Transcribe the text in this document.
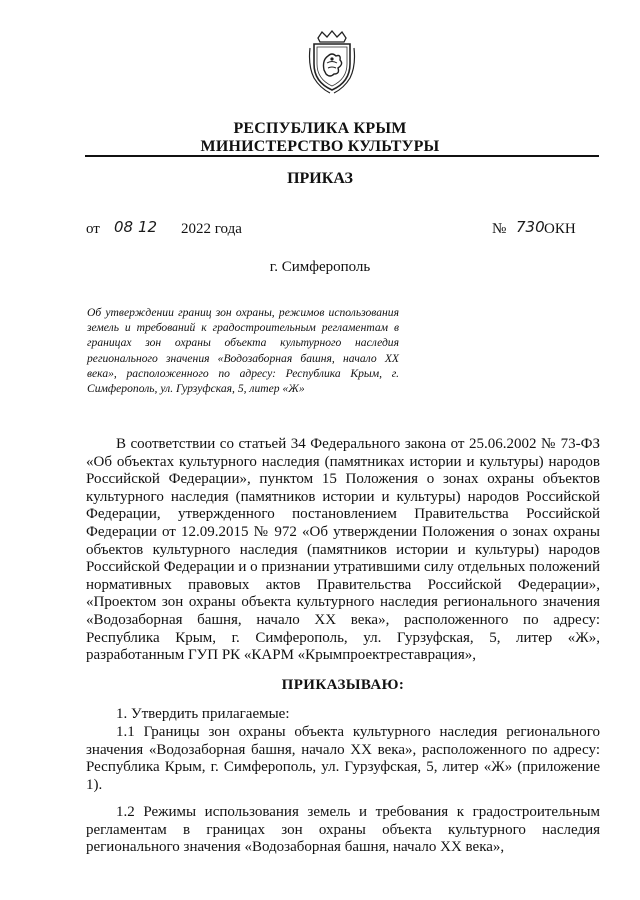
РЕСПУБЛИКА КРЫМ
МИНИСТЕРСТВО КУЛЬТУРЫ
ПРИКАЗ
от 08 12 2022 года	№ 730 ОКН
г. Симферополь
Об утверждении границ зон охраны, режимов использования земель и требований к градостроительным регламентам в границах зон охраны объекта культурного наследия регионального значения «Водозаборная башня, начало XX века», расположенного по адресу: Республика Крым, г. Симферополь, ул. Гурзуфская, 5, литер «Ж»

В соответствии со статьей 34 Федерального закона от 25.06.2002 № 73-ФЗ «Об объектах культурного наследия (памятниках истории и культуры) народов Российской Федерации», пунктом 15 Положения о зонах охраны объектов культурного наследия (памятников истории и культуры) народов Российской Федерации, утвержденного постановлением Правительства Российской Федерации от 12.09.2015 № 972 «Об утверждении Положения о зонах охраны объектов культурного наследия (памятников истории и культуры) народов Российской Федерации и о признании утратившими силу отдельных положений нормативных правовых актов Правительства Российской Федерации», «Проектом зон охраны объекта культурного наследия регионального значения «Водозаборная башня, начало XX века», расположенного по адресу: Республика Крым, г. Симферополь, ул. Гурзуфская, 5, литер «Ж», разработанным ГУП РК «КАРМ «Крымпроектреставрация»,

ПРИКАЗЫВАЮ:

1. Утвердить прилагаемые:

1.1 Границы зон охраны объекта культурного наследия регионального значения «Водозаборная башня, начало XX века», расположенного по адресу: Республика Крым, г. Симферополь, ул. Гурзуфская, 5, литер «Ж» (приложение 1).

1.2 Режимы использования земель и требования к градостроительным регламентам в границах зон охраны объекта культурного наследия регионального значения «Водозаборная башня, начало XX века»,
